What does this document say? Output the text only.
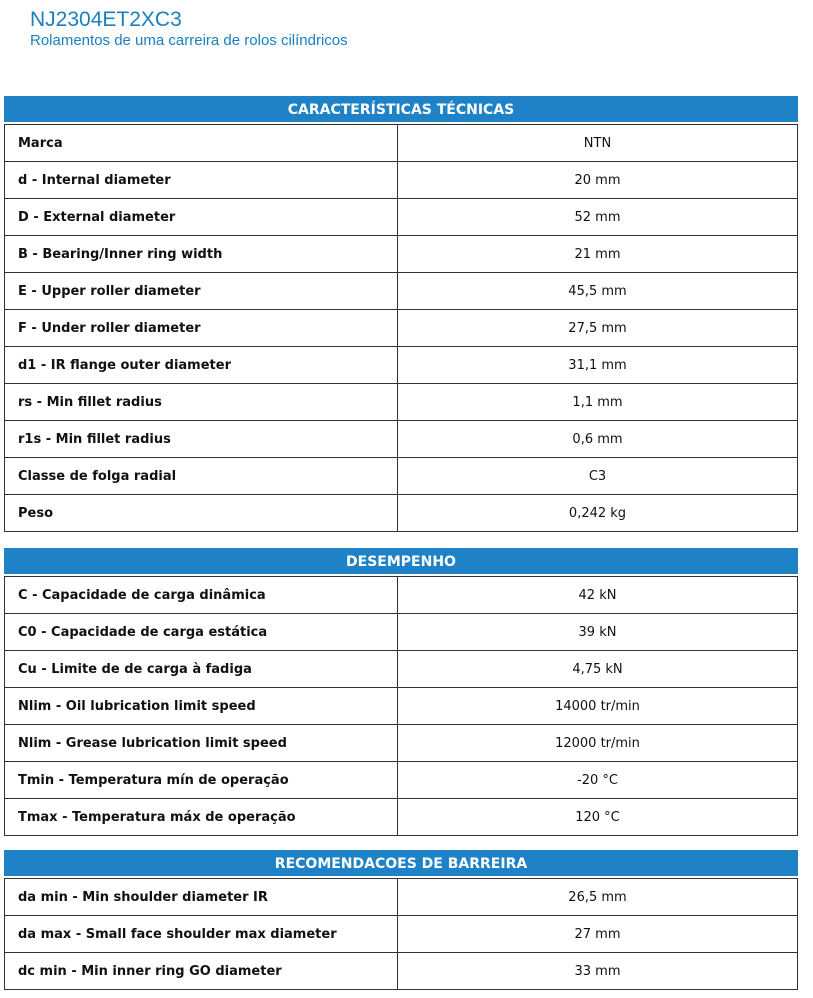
NJ2304ET2XC3
Rolamentos de uma carreira de rolos cilíndricos
CARACTERÍSTICAS TÉCNICAS
Marca	NTN
d - Internal diameter	20 mm
D - External diameter	52 mm
B - Bearing/Inner ring width	21 mm
E - Upper roller diameter	45,5 mm
F - Under roller diameter	27,5 mm
d1 - IR flange outer diameter	31,1 mm
rs - Min fillet radius	1,1 mm
r1s - Min fillet radius	0,6 mm
Classe de folga radial	C3
Peso	0,242 kg
DESEMPENHO
C - Capacidade de carga dinâmica	42 kN
C0 - Capacidade de carga estática	39 kN
Cu - Limite de de carga à fadiga	4,75 kN
Nlim - Oil lubrication limit speed	14000 tr/min
Nlim - Grease lubrication limit speed	12000 tr/min
Tmin - Temperatura mín de operação	-20 °C
Tmax - Temperatura máx de operação	120 °C
RECOMENDACOES DE BARREIRA
da min - Min shoulder diameter IR	26,5 mm
da max - Small face shoulder max diameter	27 mm
dc min - Min inner ring GO diameter	33 mm
